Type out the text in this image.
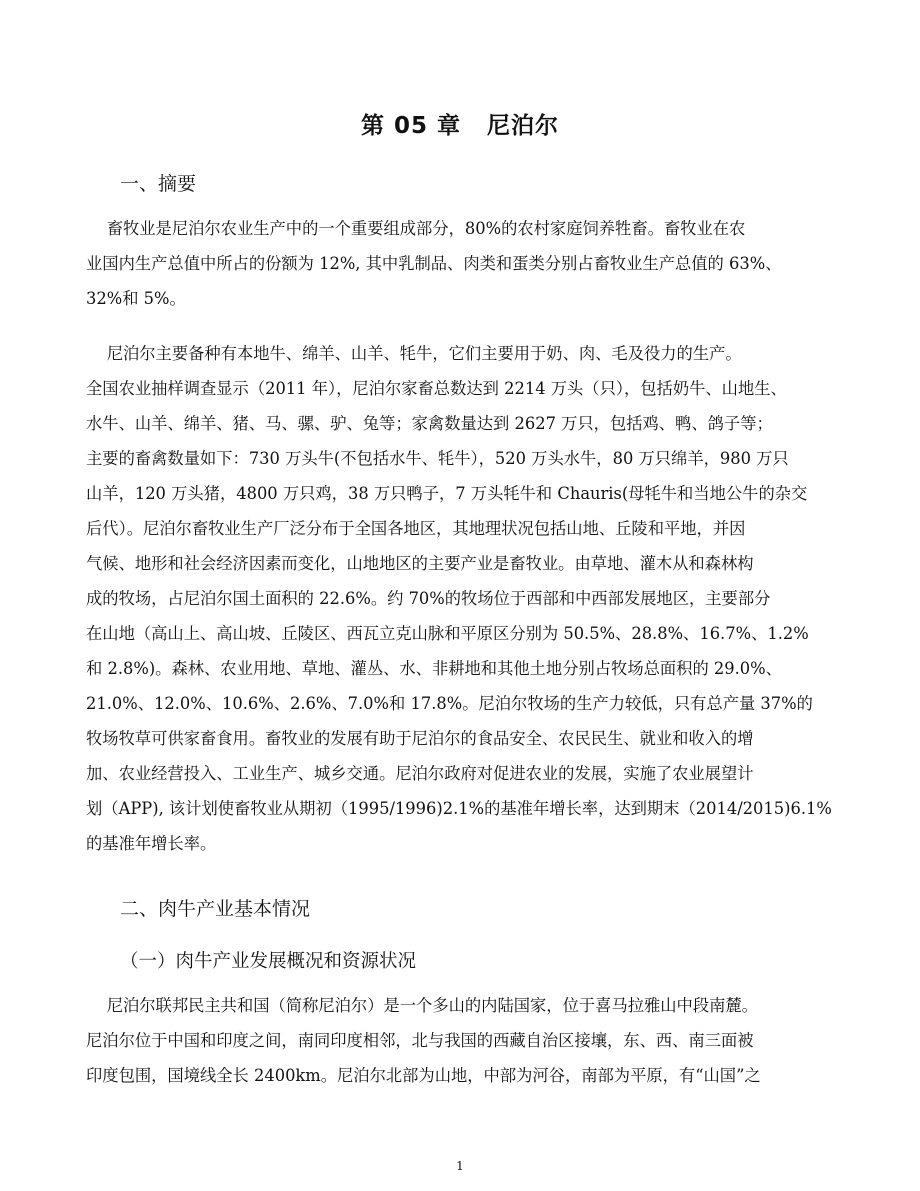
第 05 章 尼泊尔
一、摘要
畜牧业是尼泊尔农业生产中的一个重要组成部分，80%的农村家庭饲养牲畜。畜牧业在农
业国内生产总值中所占的份额为 12%, 其中乳制品、肉类和蛋类分别占畜牧业生产总值的 63%、
32%和 5%。
尼泊尔主要备种有本地牛、绵羊、山羊、牦牛，它们主要用于奶、肉、毛及役力的生产。
全国农业抽样调查显示（2011 年），尼泊尔家畜总数达到 2214 万头（只），包括奶牛、山地生、
水牛、山羊、绵羊、猪、马、骡、驴、兔等；家禽数量达到 2627 万只，包括鸡、鸭、鸽子等；
主要的畜禽数量如下：730 万头牛(不包括水牛、牦牛），520 万头水牛，80 万只绵羊，980 万只
山羊，120 万头猪，4800 万只鸡，38 万只鸭子，7 万头牦牛和 Chauris(母牦牛和当地公牛的杂交
后代）。尼泊尔畜牧业生产厂泛分布于全国各地区，其地理状况包括山地、丘陵和平地，并因
气候、地形和社会经济因素而变化，山地地区的主要产业是畜牧业。由草地、灌木从和森林构
成的牧场，占尼泊尔国土面积的 22.6%。约 70%的牧场位于西部和中西部发展地区，主要部分
在山地（高山上、高山坡、丘陵区、西瓦立克山脉和平原区分别为 50.5%、28.8%、16.7%、1.2%
和 2.8%)。森林、农业用地、草地、灌丛、水、非耕地和其他土地分别占牧场总面积的 29.0%、
21.0%、12.0%、10.6%、2.6%、7.0%和 17.8%。尼泊尔牧场的生产力较低，只有总产量 37%的
牧场牧草可供家畜食用。畜牧业的发展有助于尼泊尔的食品安全、农民民生、就业和收入的增
加、农业经营投入、工业生产、城乡交通。尼泊尔政府对促进农业的发展，实施了农业展望计
划（APP), 该计划使畜牧业从期初（1995/1996)2.1%的基准年增长率，达到期末（2014/2015)6.1%
的基准年增长率。
二、肉牛产业基本情况
（一）肉牛产业发展概况和资源状况
尼泊尔联邦民主共和国（简称尼泊尔）是一个多山的内陆国家，位于喜马拉雅山中段南麓。
尼泊尔位于中国和印度之间，南同印度相邻，北与我国的西藏自治区接壤，东、西、南三面被
印度包围，国境线全长 2400km。尼泊尔北部为山地，中部为河谷，南部为平原，有“山国”之
1
